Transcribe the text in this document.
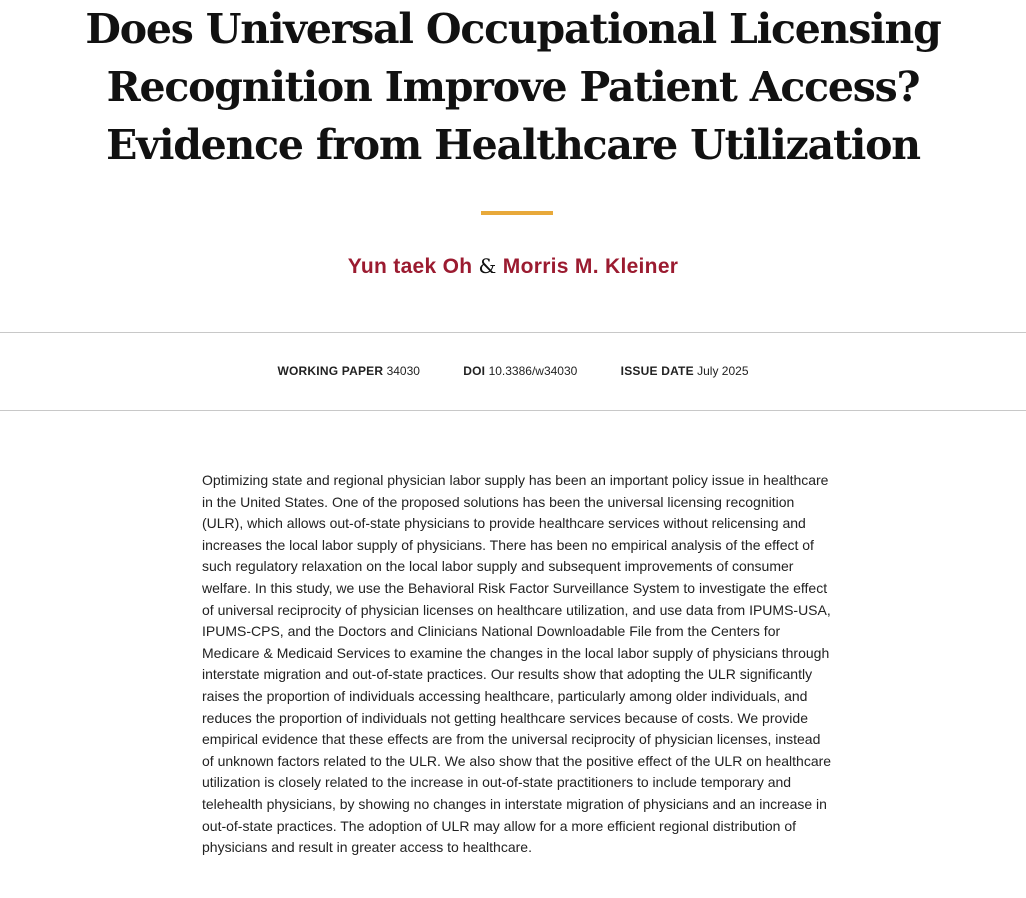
Does Universal Occupational Licensing Recognition Improve Patient Access? Evidence from Healthcare Utilization
Yun taek Oh & Morris M. Kleiner
WORKING PAPER 34030	DOI 10.3386/w34030	ISSUE DATE July 2025

Optimizing state and regional physician labor supply has been an important policy issue in healthcare in the United States. One of the proposed solutions has been the universal licensing recognition (ULR), which allows out-of-state physicians to provide healthcare services without relicensing and increases the local labor supply of physicians. There has been no empirical analysis of the effect of such regulatory relaxation on the local labor supply and subsequent improvements of consumer welfare. In this study, we use the Behavioral Risk Factor Surveillance System to investigate the effect of universal reciprocity of physician licenses on healthcare utilization, and use data from IPUMS-USA, IPUMS-CPS, and the Doctors and Clinicians National Downloadable File from the Centers for Medicare & Medicaid Services to examine the changes in the local labor supply of physicians through interstate migration and out-of-state practices. Our results show that adopting the ULR significantly raises the proportion of individuals accessing healthcare, particularly among older individuals, and reduces the proportion of individuals not getting healthcare services because of costs. We provide empirical evidence that these effects are from the universal reciprocity of physician licenses, instead of unknown factors related to the ULR. We also show that the positive effect of the ULR on healthcare utilization is closely related to the increase in out-of-state practitioners to include temporary and telehealth physicians, by showing no changes in interstate migration of physicians and an increase in out-of-state practices. The adoption of ULR may allow for a more efficient regional distribution of physicians and result in greater access to healthcare.
